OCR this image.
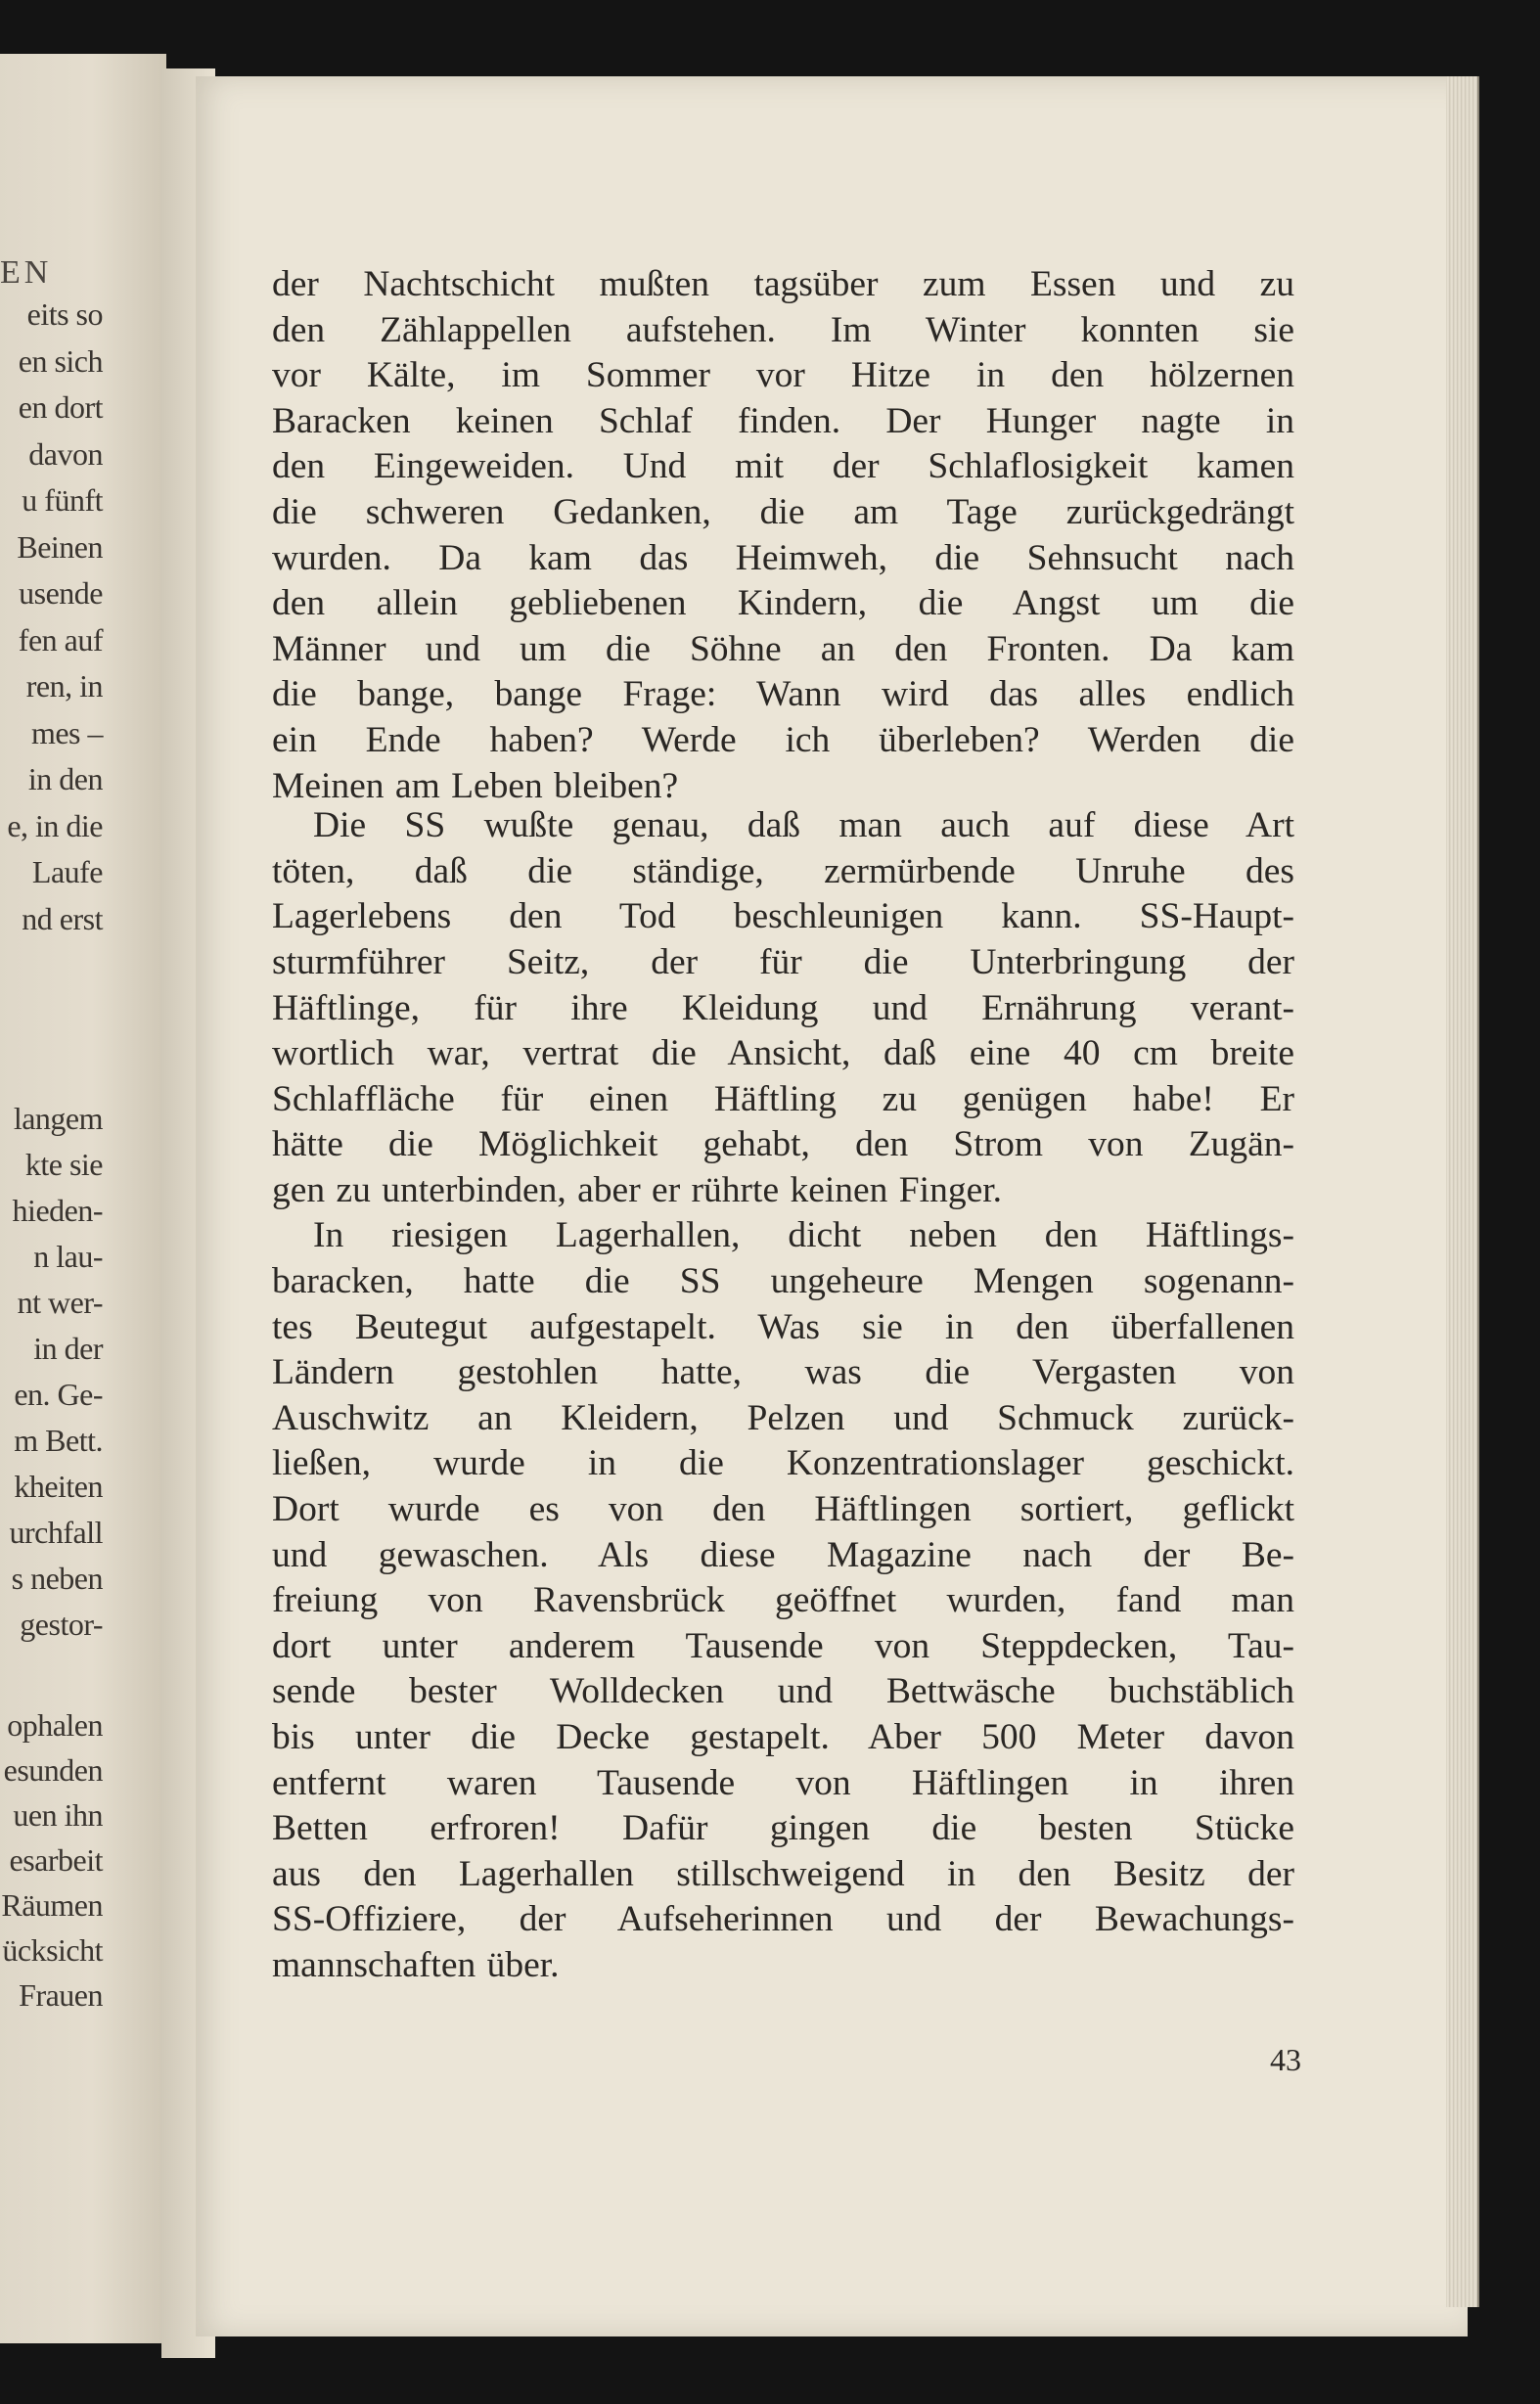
EN
eits so
en sich
en dort
davon
u fünft
Beinen
usende
fen auf
ren, in
mes –
in den
e, in die
Laufe
nd erst
langem
kte sie
hieden-
n lau-
nt wer-
in der
en. Ge-
m Bett.
kheiten
urchfall
s neben
gestor-
ophalen
esunden
uen ihn
esarbeit
Räumen
ücksicht
Frauen
der Nachtschicht mußten tagsüber zum Essen und zu
den Zählappellen aufstehen. Im Winter konnten sie
vor Kälte, im Sommer vor Hitze in den hölzernen
Baracken keinen Schlaf finden. Der Hunger nagte in
den Eingeweiden. Und mit der Schlaflosigkeit kamen
die schweren Gedanken, die am Tage zurückgedrängt
wurden. Da kam das Heimweh, die Sehnsucht nach
den allein gebliebenen Kindern, die Angst um die
Männer und um die Söhne an den Fronten. Da kam
die bange, bange Frage: Wann wird das alles endlich
ein Ende haben? Werde ich überleben? Werden die
Meinen am Leben bleiben?
Die SS wußte genau, daß man auch auf diese Art
töten, daß die ständige, zermürbende Unruhe des
Lagerlebens den Tod beschleunigen kann. SS-Haupt-
sturmführer Seitz, der für die Unterbringung der
Häftlinge, für ihre Kleidung und Ernährung verant-
wortlich war, vertrat die Ansicht, daß eine 40 cm breite
Schlaffläche für einen Häftling zu genügen habe! Er
hätte die Möglichkeit gehabt, den Strom von Zugän-
gen zu unterbinden, aber er rührte keinen Finger.
In riesigen Lagerhallen, dicht neben den Häftlings-
baracken, hatte die SS ungeheure Mengen sogenann-
tes Beutegut aufgestapelt. Was sie in den überfallenen
Ländern gestohlen hatte, was die Vergasten von
Auschwitz an Kleidern, Pelzen und Schmuck zurück-
ließen, wurde in die Konzentrationslager geschickt.
Dort wurde es von den Häftlingen sortiert, geflickt
und gewaschen. Als diese Magazine nach der Be-
freiung von Ravensbrück geöffnet wurden, fand man
dort unter anderem Tausende von Steppdecken, Tau-
sende bester Wolldecken und Bettwäsche buchstäblich
bis unter die Decke gestapelt. Aber 500 Meter davon
entfernt waren Tausende von Häftlingen in ihren
Betten erfroren! Dafür gingen die besten Stücke
aus den Lagerhallen stillschweigend in den Besitz der
SS-Offiziere, der Aufseherinnen und der Bewachungs-
mannschaften über.
43
